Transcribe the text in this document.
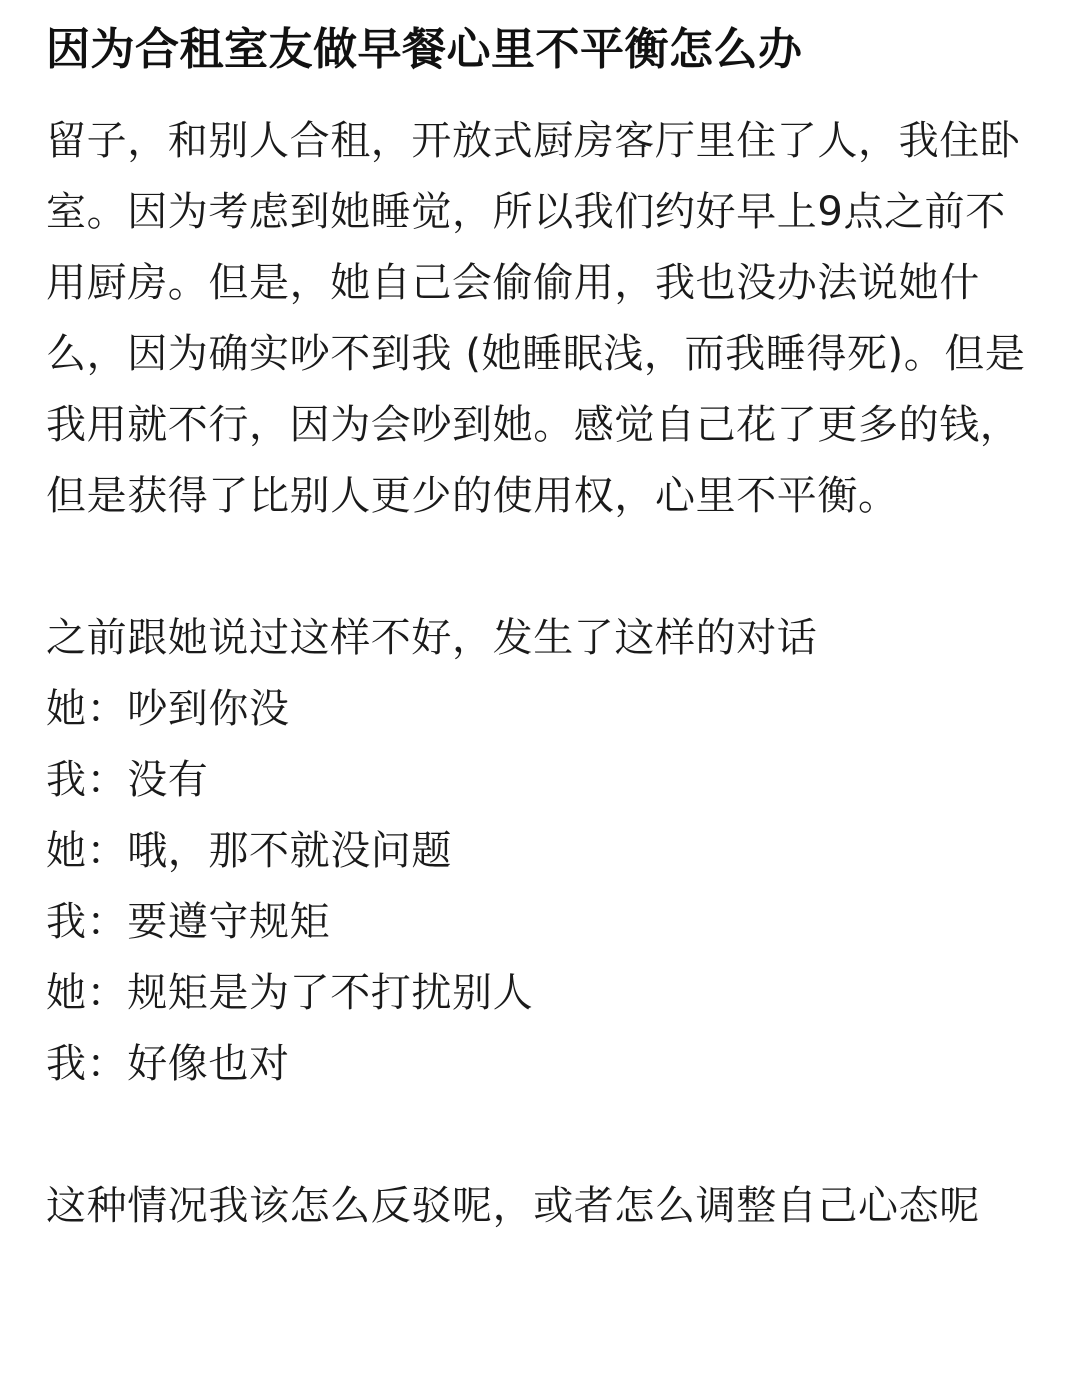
因为合租室友做早餐心里不平衡怎么办

留子，和别人合租，开放式厨房客厅里住了人，我住卧室。因为考虑到她睡觉，所以我们约好早上9点之前不用厨房。但是，她自己会偷偷用，我也没办法说她什么，因为确实吵不到我 (她睡眠浅，而我睡得死)。但是我用就不行，因为会吵到她。感觉自己花了更多的钱，但是获得了比别人更少的使用权，心里不平衡。

之前跟她说过这样不好，发生了这样的对话

她：吵到你没
我：没有
她：哦，那不就没问题
我：要遵守规矩
她：规矩是为了不打扰别人
我：好像也对

这种情况我该怎么反驳呢，或者怎么调整自己心态呢
